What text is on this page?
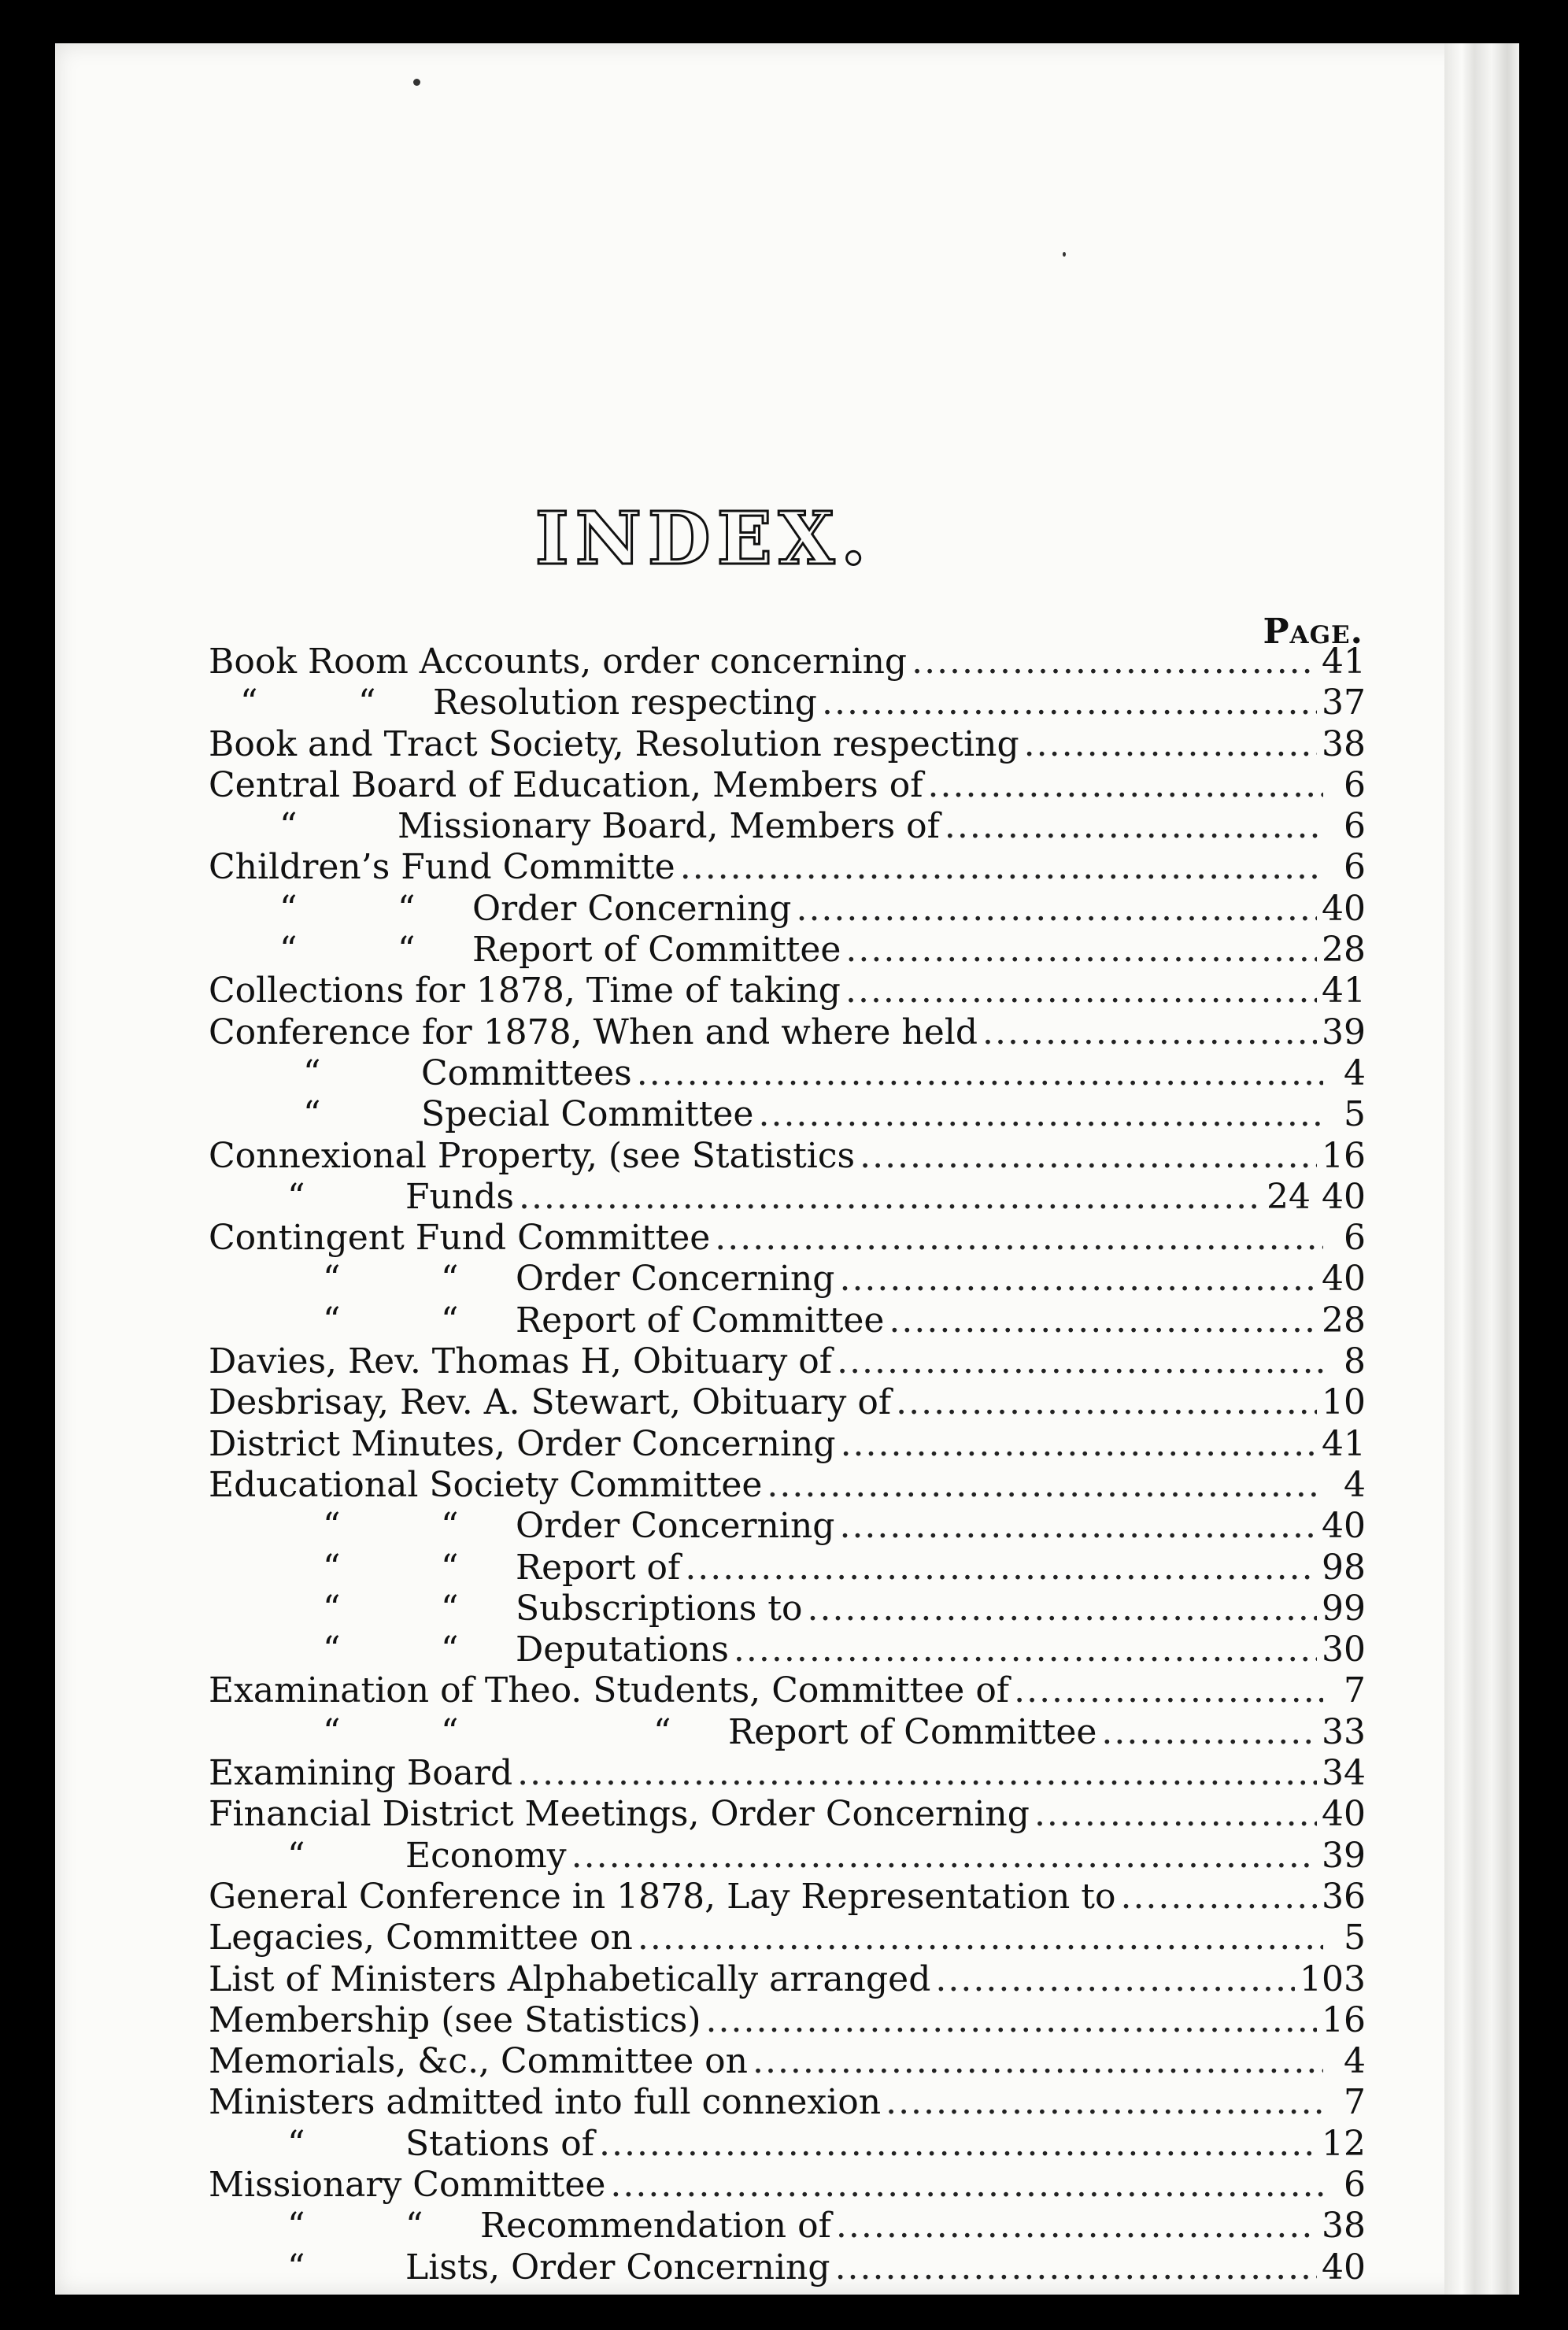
INDEX.
Page.
Book Room Accounts, order concerning .....	41
“	“ Resolution respecting .....	37
Book and Tract Society, Resolution respecting .....	38
Central Board of Education, Members of .....	6
“	Missionary Board, Members of .....	6
Children’s Fund Committe .....	6
“	“ Order Concerning .....	40
“	“ Report of Committee .....	28
Collections for 1878, Time of taking .....	41
Conference for 1878, When and where held .....	39
“	Committees .....	4
“	Special Committee .....	5
Connexional Property, (see Statistics .....	16
“	Funds .....	24 40
Contingent Fund Committee .....	6
“	“ Order Concerning .....	40
“	“ Report of Committee .....	28
Davies, Rev. Thomas H, Obituary of .....	8
Desbrisay, Rev. A. Stewart, Obituary of .....	10
District Minutes, Order Concerning .....	41
Educational Society Committee .....	4
“	“ Order Concerning .....	40
“	“ Report of .....	98
“	“ Subscriptions to .....	99
“	“ Deputations .....	30
Examination of Theo. Students, Committee of .....	7
“	“	“ Report of Committee .....	33
Examining Board .....	34
Financial District Meetings, Order Concerning .....	40
“	Economy .....	39
General Conference in 1878, Lay Representation to .....	36
Legacies, Committee on .....	5
List of Ministers Alphabetically arranged .....	103
Membership (see Statistics) .....	16
Memorials, &c., Committee on .....	4
Ministers admitted into full connexion .....	7
“	Stations of .....	12
Missionary Committee .....	6
“	“ Recommendation of .....	38
“	Lists, Order Concerning .....	40
